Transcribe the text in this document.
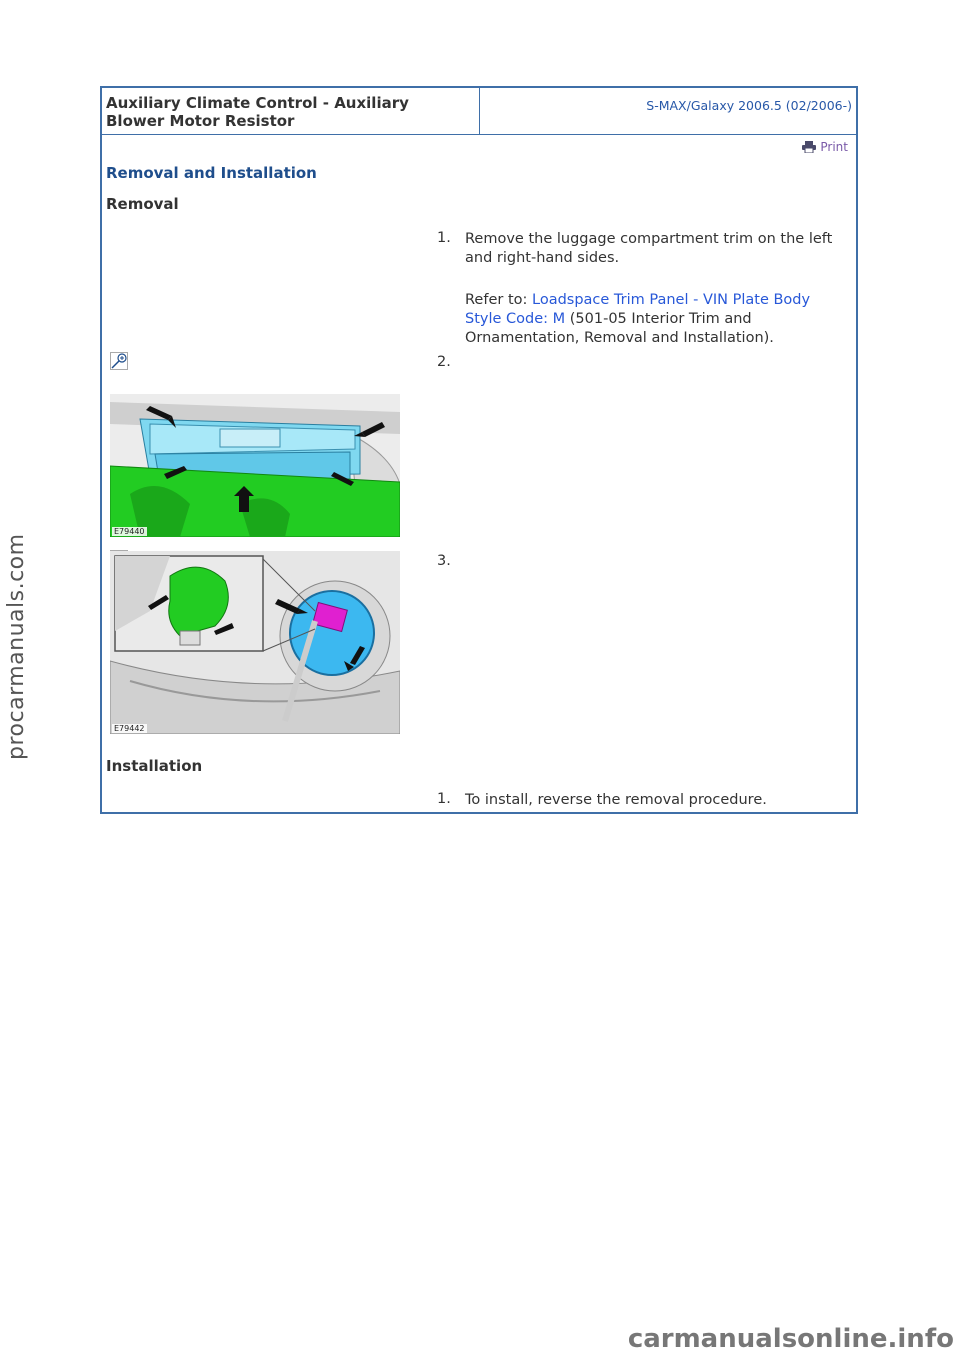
Auxiliary Climate Control - Auxiliary
Blower Motor Resistor
S-MAX/Galaxy 2006.5 (02/2006-)
Print
Removal and Installation
Removal
1. Remove the luggage compartment trim on the left and right-hand sides.
Refer to: Loadspace Trim Panel - VIN Plate Body Style Code: M (501-05 Interior Trim and Ornamentation, Removal and Installation).
2.
E79440
3.
E79442
Installation
1. To install, reverse the removal procedure.
procarmanuals.com
carmanualsonline.info
